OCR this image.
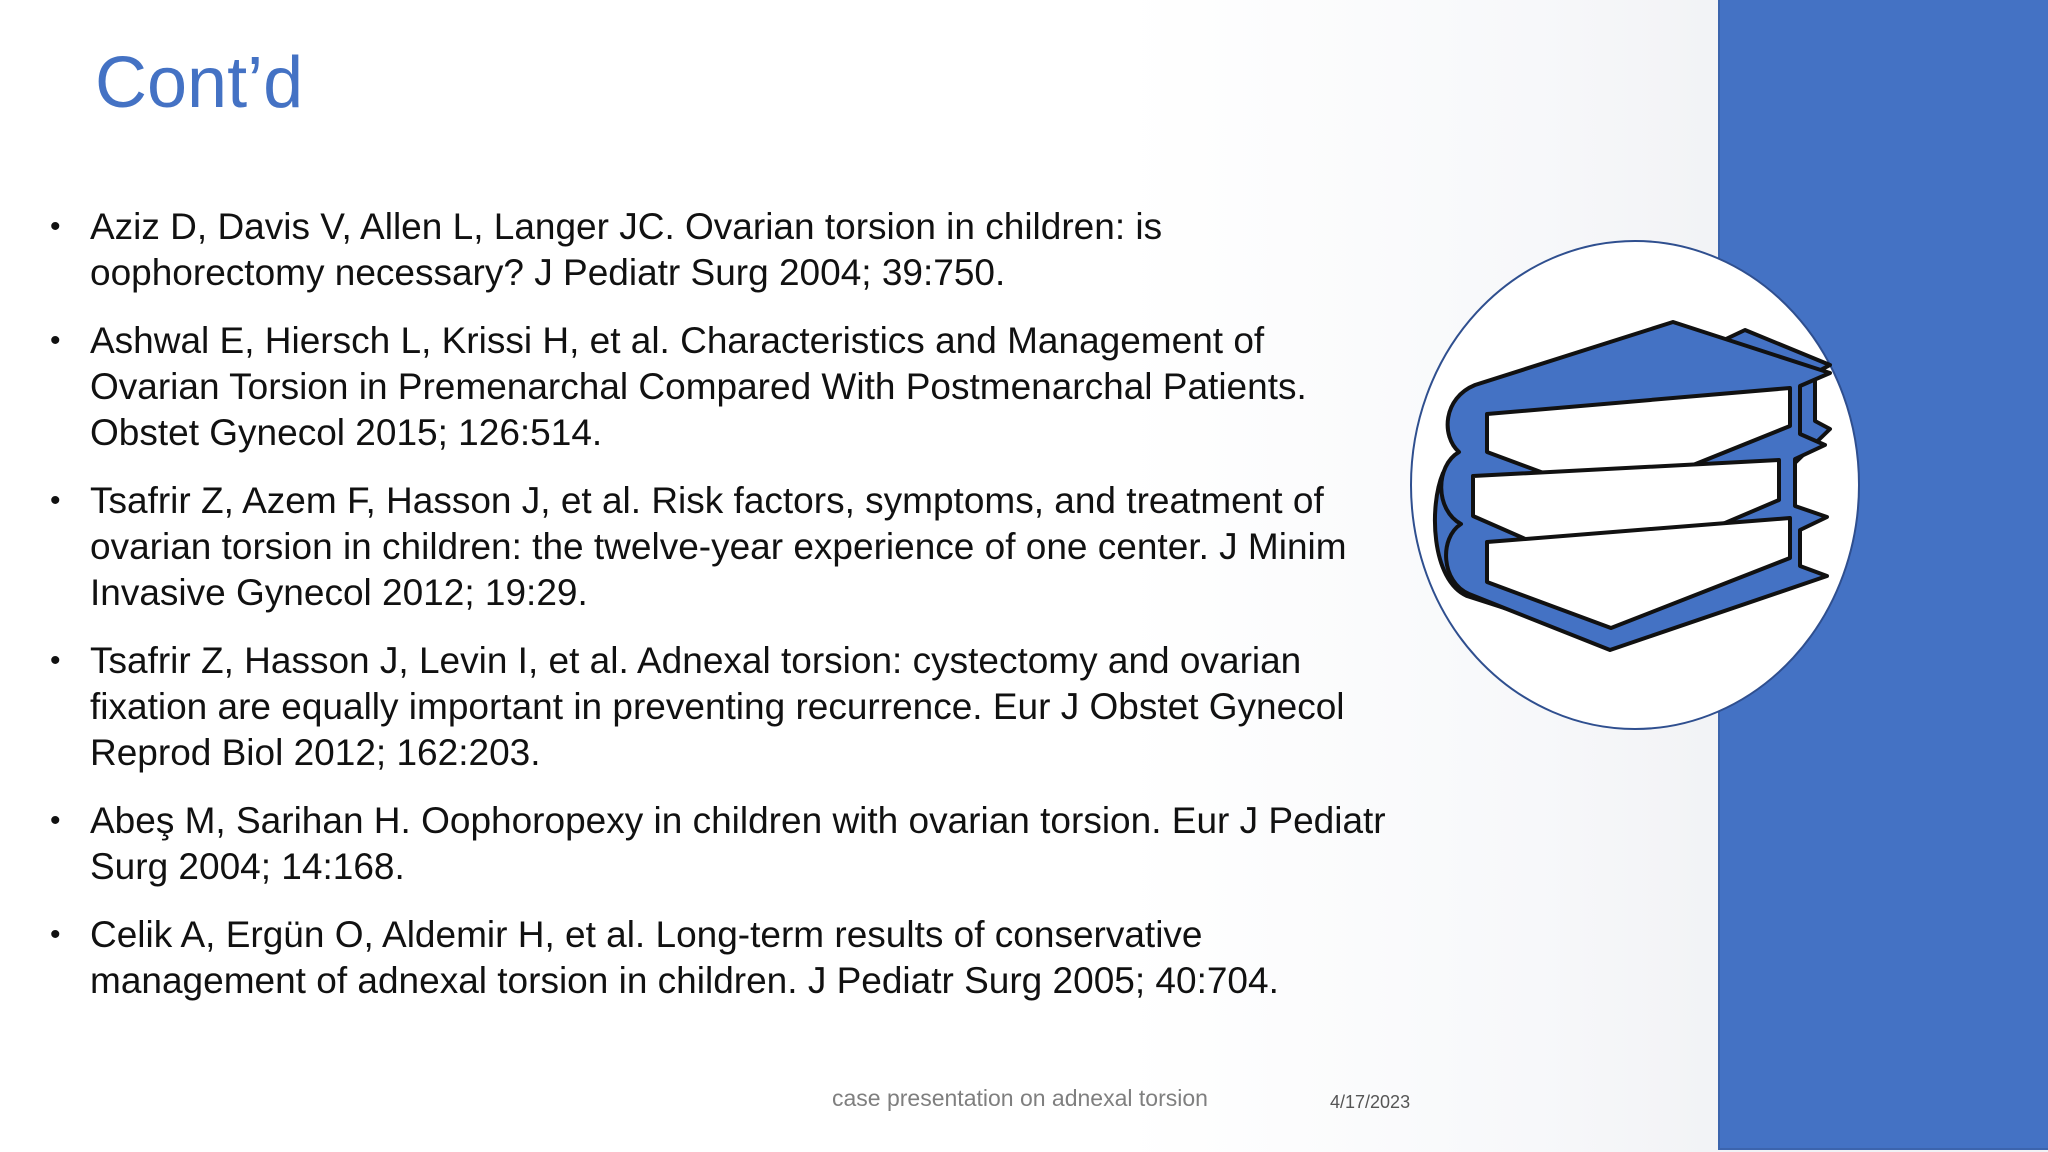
Cont’d
• Aziz D, Davis V, Allen L, Langer JC. Ovarian torsion in children: is oophorectomy necessary? J Pediatr Surg 2004; 39:750.
• Ashwal E, Hiersch L, Krissi H, et al. Characteristics and Management of Ovarian Torsion in Premenarchal Compared With Postmenarchal Patients. Obstet Gynecol 2015; 126:514.
• Tsafrir Z, Azem F, Hasson J, et al. Risk factors, symptoms, and treatment of ovarian torsion in children: the twelve-year experience of one center. J Minim Invasive Gynecol 2012; 19:29.
• Tsafrir Z, Hasson J, Levin I, et al. Adnexal torsion: cystectomy and ovarian fixation are equally important in preventing recurrence. Eur J Obstet Gynecol Reprod Biol 2012; 162:203.
• Abeş M, Sarihan H. Oophoropexy in children with ovarian torsion. Eur J Pediatr Surg 2004; 14:168.
• Celik A, Ergün O, Aldemir H, et al. Long-term results of conservative management of adnexal torsion in children. J Pediatr Surg 2005; 40:704.
case presentation on adnexal torsion	4/17/2023
